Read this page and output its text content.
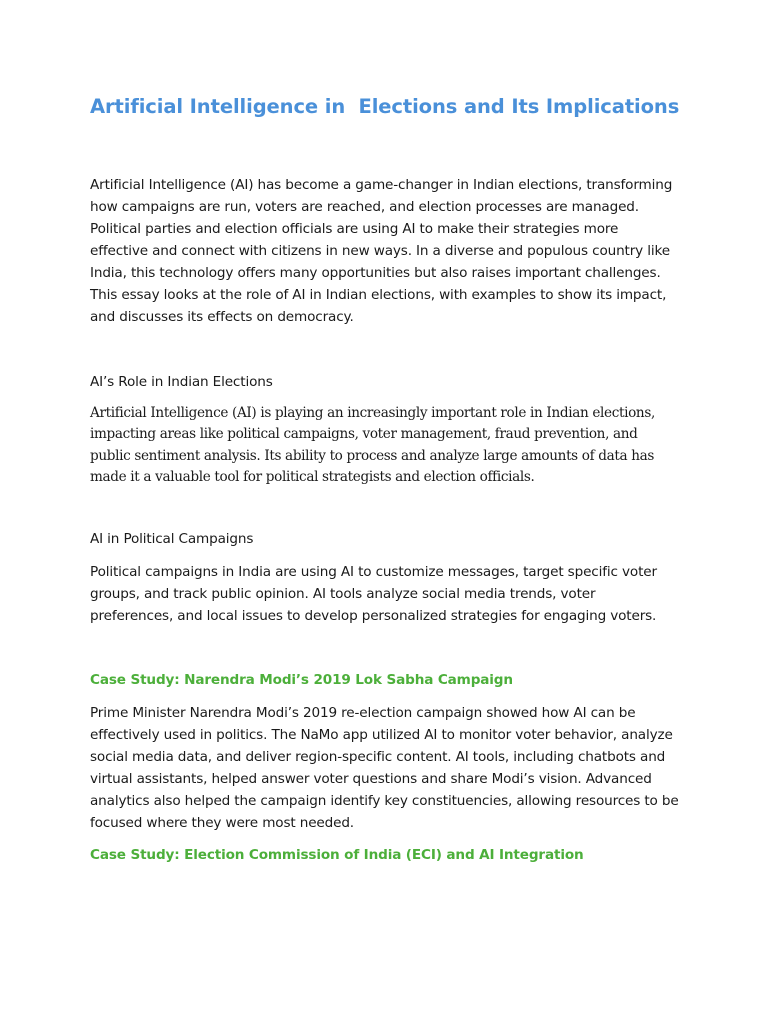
Artificial Intelligence in  Elections and Its Implications

Artificial Intelligence (AI) has become a game-changer in Indian elections, transforming how campaigns are run, voters are reached, and election processes are managed. Political parties and election officials are using AI to make their strategies more effective and connect with citizens in new ways. In a diverse and populous country like India, this technology offers many opportunities but also raises important challenges. This essay looks at the role of AI in Indian elections, with examples to show its impact, and discusses its effects on democracy.

AI’s Role in Indian Elections

Artificial Intelligence (AI) is playing an increasingly important role in Indian elections, impacting areas like political campaigns, voter management, fraud prevention, and public sentiment analysis. Its ability to process and analyze large amounts of data has made it a valuable tool for political strategists and election officials.

AI in Political Campaigns

Political campaigns in India are using AI to customize messages, target specific voter groups, and track public opinion. AI tools analyze social media trends, voter preferences, and local issues to develop personalized strategies for engaging voters.

Case Study: Narendra Modi’s 2019 Lok Sabha Campaign

Prime Minister Narendra Modi’s 2019 re-election campaign showed how AI can be effectively used in politics. The NaMo app utilized AI to monitor voter behavior, analyze social media data, and deliver region-specific content. AI tools, including chatbots and virtual assistants, helped answer voter questions and share Modi’s vision. Advanced analytics also helped the campaign identify key constituencies, allowing resources to be focused where they were most needed.

Case Study: Election Commission of India (ECI) and AI Integration
